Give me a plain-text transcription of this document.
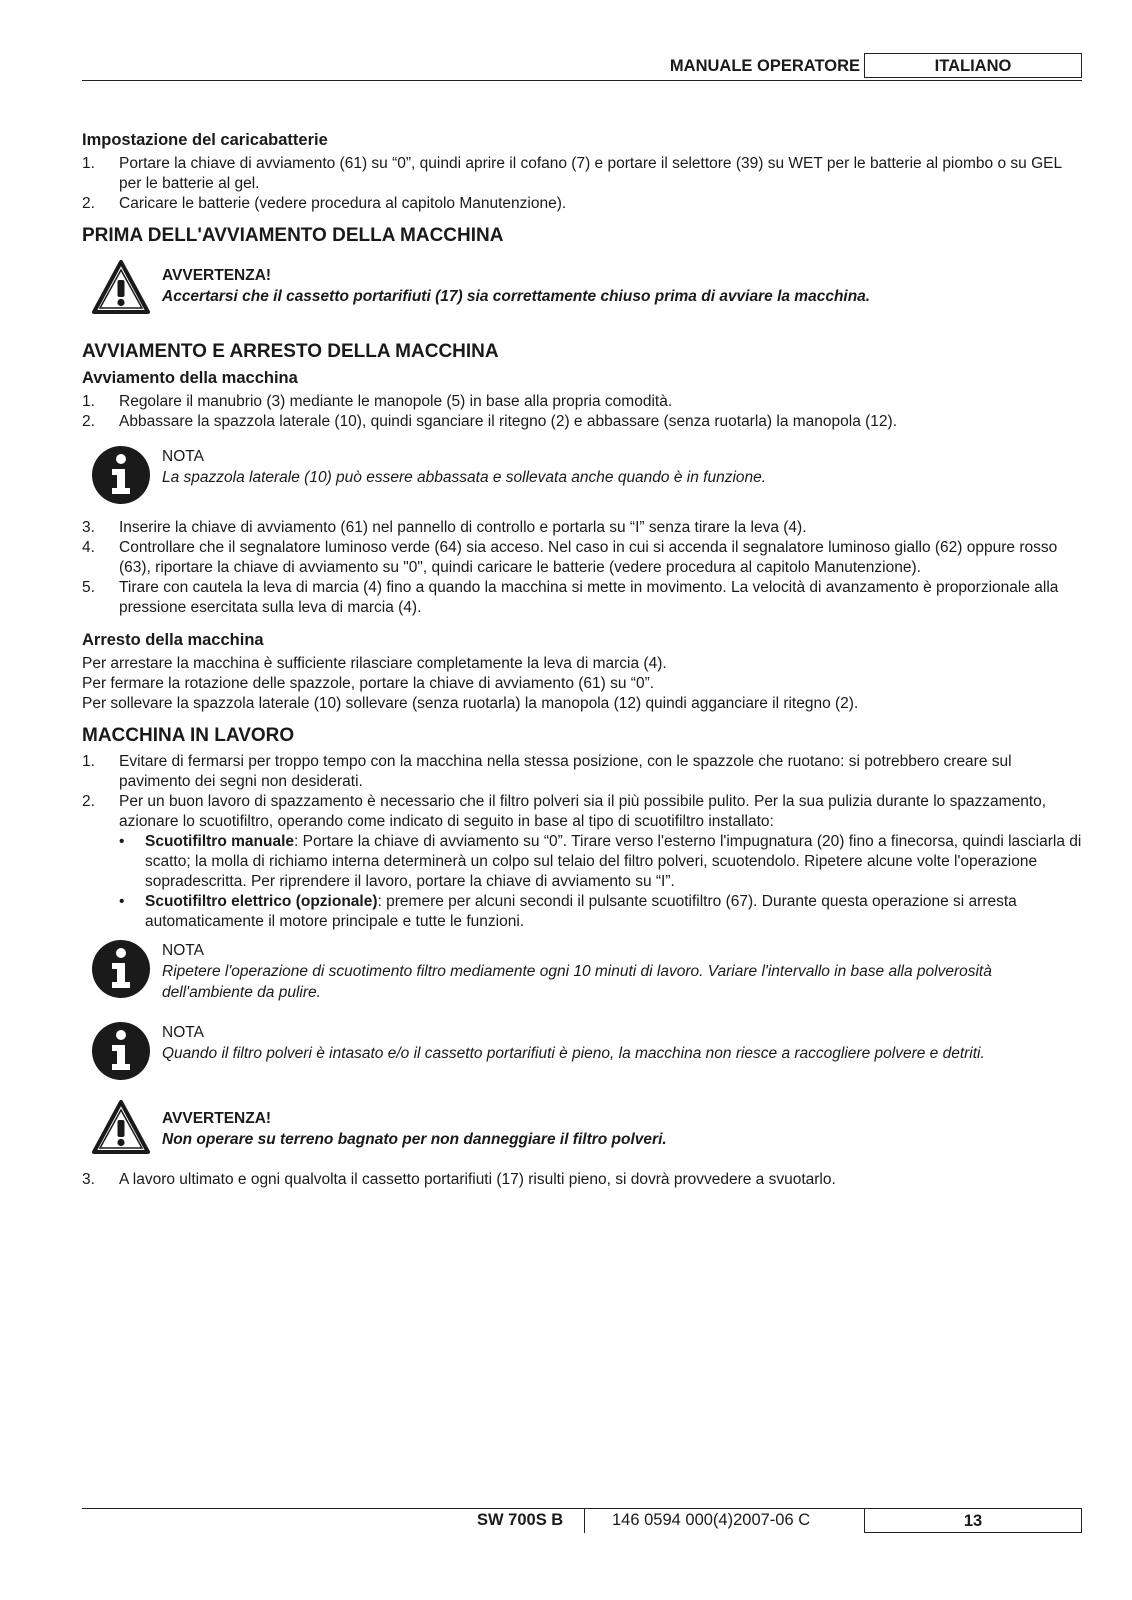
MANUALE OPERATORE	ITALIANO
Impostazione del caricabatterie
1. Portare la chiave di avviamento (61) su “0”, quindi aprire il cofano (7) e portare il selettore (39) su WET per le batterie al piombo o su GEL per le batterie al gel.
2. Caricare le batterie (vedere procedura al capitolo Manutenzione).
PRIMA DELL'AVVIAMENTO DELLA MACCHINA
AVVERTENZA!
Accertarsi che il cassetto portarifiuti (17) sia correttamente chiuso prima di avviare la macchina.
AVVIAMENTO E ARRESTO DELLA MACCHINA
Avviamento della macchina
1. Regolare il manubrio (3) mediante le manopole (5) in base alla propria comodità.
2. Abbassare la spazzola laterale (10), quindi sganciare il ritegno (2) e abbassare (senza ruotarla) la manopola (12).
NOTA
La spazzola laterale (10) può essere abbassata e sollevata anche quando è in funzione.
3. Inserire la chiave di avviamento (61) nel pannello di controllo e portarla su “I” senza tirare la leva (4).
4. Controllare che il segnalatore luminoso verde (64) sia acceso. Nel caso in cui si accenda il segnalatore luminoso giallo (62) oppure rosso (63), riportare la chiave di avviamento su "0", quindi caricare le batterie (vedere procedura al capitolo Manutenzione).
5. Tirare con cautela la leva di marcia (4) fino a quando la macchina si mette in movimento. La velocità di avanzamento è proporzionale alla pressione esercitata sulla leva di marcia (4).
Arresto della macchina
Per arrestare la macchina è sufficiente rilasciare completamente la leva di marcia (4).
Per fermare la rotazione delle spazzole, portare la chiave di avviamento (61) su “0”.
Per sollevare la spazzola laterale (10) sollevare (senza ruotarla) la manopola (12) quindi agganciare il ritegno (2).
MACCHINA IN LAVORO
1. Evitare di fermarsi per troppo tempo con la macchina nella stessa posizione, con le spazzole che ruotano: si potrebbero creare sul pavimento dei segni non desiderati.
2. Per un buon lavoro di spazzamento è necessario che il filtro polveri sia il più possibile pulito. Per la sua pulizia durante lo spazzamento, azionare lo scuotifiltro, operando come indicato di seguito in base al tipo di scuotifiltro installato:
• Scuotifiltro manuale: Portare la chiave di avviamento su “0”. Tirare verso l'esterno l'impugnatura (20) fino a finecorsa, quindi lasciarla di scatto; la molla di richiamo interna determinerà un colpo sul telaio del filtro polveri, scuotendolo. Ripetere alcune volte l'operazione sopradescritta. Per riprendere il lavoro, portare la chiave di avviamento su “I”.
• Scuotifiltro elettrico (opzionale): premere per alcuni secondi il pulsante scuotifiltro (67). Durante questa operazione si arresta automaticamente il motore principale e tutte le funzioni.
NOTA
Ripetere l'operazione di scuotimento filtro mediamente ogni 10 minuti di lavoro. Variare l'intervallo in base alla polverosità dell'ambiente da pulire.
NOTA
Quando il filtro polveri è intasato e/o il cassetto portarifiuti è pieno, la macchina non riesce a raccogliere polvere e detriti.
AVVERTENZA!
Non operare su terreno bagnato per non danneggiare il filtro polveri.
3. A lavoro ultimato e ogni qualvolta il cassetto portarifiuti (17) risulti pieno, si dovrà provvedere a svuotarlo.
SW 700S B	146 0594 000(4)2007-06 C	13
